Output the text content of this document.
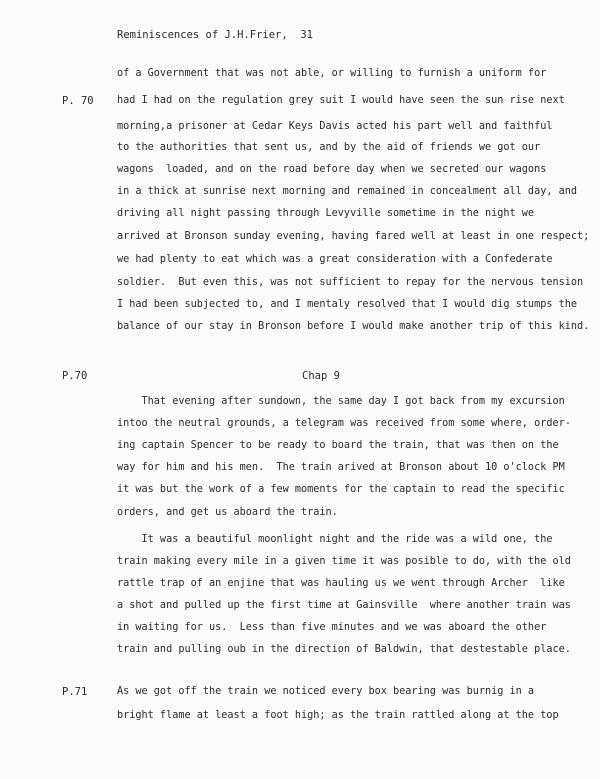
Reminiscences of J.H.Frier,  31
P. 70
P.70
P.71
Chap 9
of a Government that was not able, or willing to furnish a uniform for
had I had on the regulation grey suit I would have seen the sun rise next
morning,a prisoner at Cedar Keys Davis acted his part well and faithful
to the authorities that sent us, and by the aid of friends we got our
wagons  loaded, and on the road before day when we secreted our wagons
in a thick at sunrise next morning and remained in concealment all day, and
driving all night passing through Levyville sometime in the night we
arrived at Bronson sunday evening, having fared well at least in one respect;
we had plenty to eat which was a great consideration with a Confederate
soldier.  But even this, was not sufficient to repay for the nervous tension
I had been subjected to, and I mentaly resolved that I would dig stumps the
balance of our stay in Bronson before I would make another trip of this kind.
That evening after sundown, the same day I got back from my excursion
intoo the neutral grounds, a telegram was received from some where, order-
ing captain Spencer to be ready to board the train, that was then on the
way for him and his men.  The train arived at Bronson about 10 o'clock PM
it was but the work of a few moments for the captain to read the specific
orders, and get us aboard the train.
It was a beautiful moonlight night and the ride was a wild one, the
train making every mile in a given time it was posible to do, with the old
rattle trap of an enjine that was hauling us we went through Archer  like
a shot and pulled up the first time at Gainsville  where another train was
in waiting for us.  Less than five minutes and we was aboard the other
train and pulling oub in the direction of Baldwin, that destestable place.
As we got off the train we noticed every box bearing was burnig in a
bright flame at least a foot high; as the train rattled along at the top
